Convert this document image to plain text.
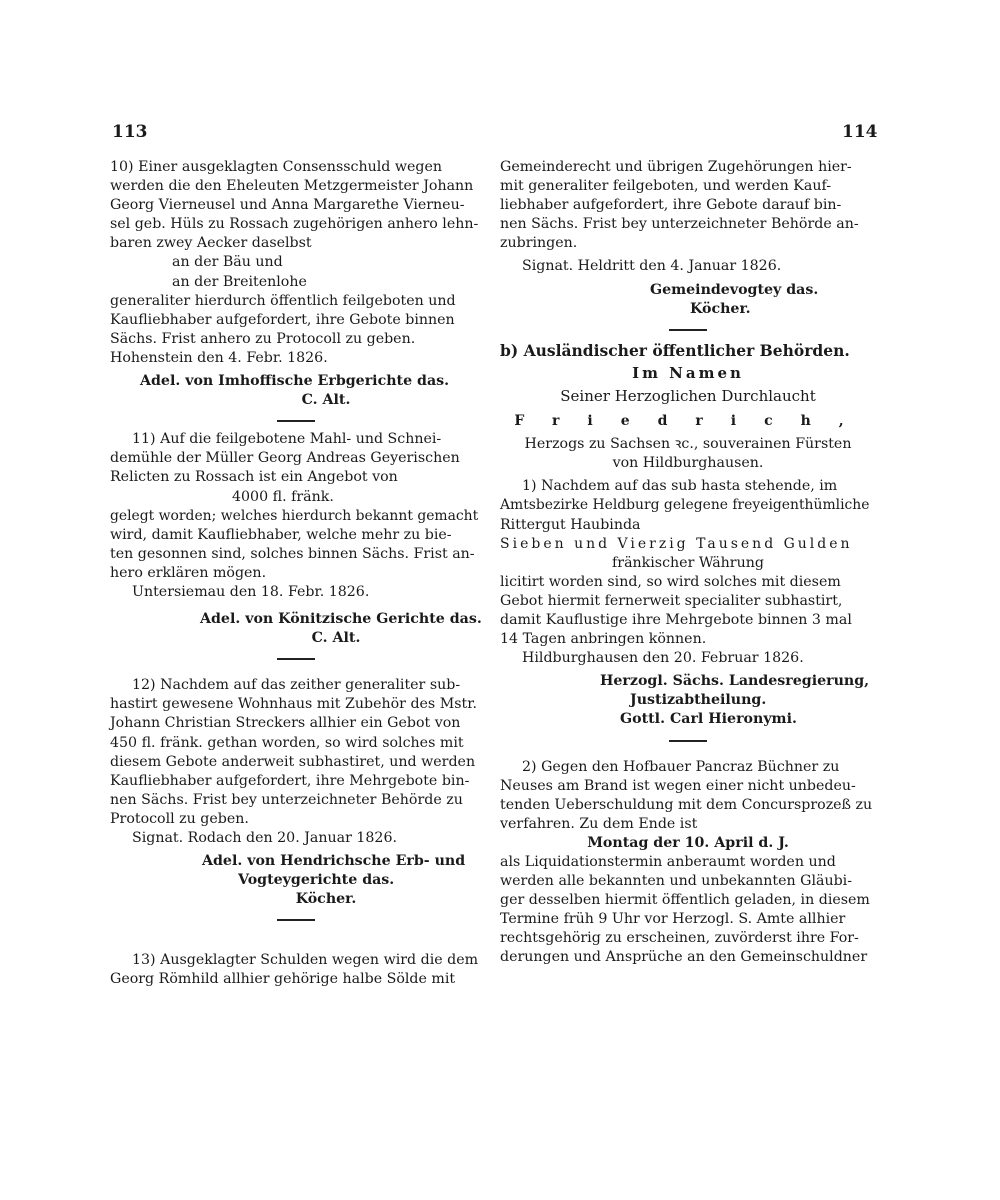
113	114
10) Einer ausgeklagten Consensschuld wegen
werden die den Eheleuten Metzgermeister Johann
Georg Vierneusel und Anna Margarethe Vierneu-
sel geb. Hüls zu Rossach zugehörigen anhero lehn-
baren zwey Aecker daselbst
an der Bäu und
an der Breitenlohe
generaliter hierdurch öffentlich feilgeboten und
Kaufliebhaber aufgefordert, ihre Gebote binnen
Sächs. Frist anhero zu Protocoll zu geben.
Hohenstein den 4. Febr. 1826.
Adel. von Imhoffische Erbgerichte das.
C. Alt.
11) Auf die feilgebotene Mahl- und Schnei-
demühle der Müller Georg Andreas Geyerischen
Relicten zu Rossach ist ein Angebot von
4000 fl. fränk.
gelegt worden; welches hierdurch bekannt gemacht
wird, damit Kaufliebhaber, welche mehr zu bie-
ten gesonnen sind, solches binnen Sächs. Frist an-
hero erklären mögen.
Untersiemau den 18. Febr. 1826.
Adel. von Könitzische Gerichte das.
C. Alt.
12) Nachdem auf das zeither generaliter sub-
hastirt gewesene Wohnhaus mit Zubehör des Mstr.
Johann Christian Streckers allhier ein Gebot von
450 fl. fränk. gethan worden, so wird solches mit
diesem Gebote anderweit subhastiret, und werden
Kaufliebhaber aufgefordert, ihre Mehrgebote bin-
nen Sächs. Frist bey unterzeichneter Behörde zu
Protocoll zu geben.
Signat. Rodach den 20. Januar 1826.
Adel. von Hendrichsche Erb- und
Vogteygerichte das.
Köcher.
13) Ausgeklagter Schulden wegen wird die dem
Georg Römhild allhier gehörige halbe Sölde mit
Gemeinderecht und übrigen Zugehörungen hier-
mit generaliter feilgeboten, und werden Kauf-
liebhaber aufgefordert, ihre Gebote darauf bin-
nen Sächs. Frist bey unterzeichneter Behörde an-
zubringen.
Signat. Heldritt den 4. Januar 1826.
Gemeindevogtey das.
Köcher.
b) Ausländischer öffentlicher Behörden.
Im Namen
Seiner Herzoglichen Durchlaucht
Friedrich,
Herzogs zu Sachsen ꝛc., souverainen Fürsten
von Hildburghausen.
1) Nachdem auf das sub hasta stehende, im
Amtsbezirke Heldburg gelegene freyeigenthümliche
Rittergut Haubinda
Sieben und Vierzig Tausend Gulden
fränkischer Währung
licitirt worden sind, so wird solches mit diesem
Gebot hiermit fernerweit specialiter subhastirt,
damit Kauflustige ihre Mehrgebote binnen 3 mal
14 Tagen anbringen können.
Hildburghausen den 20. Februar 1826.
Herzogl. Sächs. Landesregierung,
Justizabtheilung.
Gottl. Carl Hieronymi.
2) Gegen den Hofbauer Pancraz Büchner zu
Neuses am Brand ist wegen einer nicht unbedeu-
tenden Ueberschuldung mit dem Concursprozeß zu
verfahren. Zu dem Ende ist
Montag der 10. April d. J.
als Liquidationstermin anberaumt worden und
werden alle bekannten und unbekannten Gläubi-
ger desselben hiermit öffentlich geladen, in diesem
Termine früh 9 Uhr vor Herzogl. S. Amte allhier
rechtsgehörig zu erscheinen, zuvörderst ihre For-
derungen und Ansprüche an den Gemeinschuldner
